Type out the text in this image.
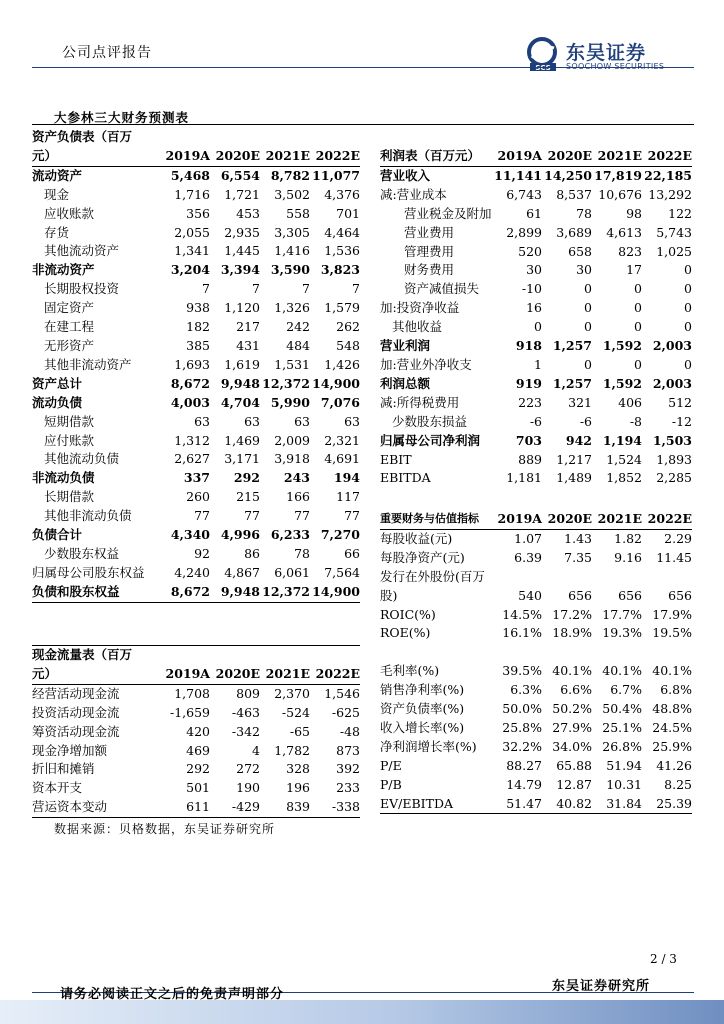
公司点评报告
SCS
东吴证券
SOOCHOW SECURITIES
大参林三大财务预测表
资产负债表（百万				
元）	2019A	2020E	2021E	2022E
流动资产	5,468	6,554	8,782	11,077
现金	1,716	1,721	3,502	4,376
应收账款	356	453	558	701
存货	2,055	2,935	3,305	4,464
其他流动资产	1,341	1,445	1,416	1,536
非流动资产	3,204	3,394	3,590	3,823
长期股权投资	7	7	7	7
固定资产	938	1,120	1,326	1,579
在建工程	182	217	242	262
无形资产	385	431	484	548
其他非流动资产	1,693	1,619	1,531	1,426
资产总计	8,672	9,948	12,372	14,900
流动负债	4,003	4,704	5,990	7,076
短期借款	63	63	63	63
应付账款	1,312	1,469	2,009	2,321
其他流动负债	2,627	3,171	3,918	4,691
非流动负债	337	292	243	194
长期借款	260	215	166	117
其他非流动负债	77	77	77	77
负债合计	4,340	4,996	6,233	7,270
少数股东权益	92	86	78	66

归属母公司股东权益	4,240	4,867	6,061	7,564
负债和股东权益	8,672	9,948	12,372	14,900
利润表（百万元）	2019A	2020E	2021E	2022E
营业收入	11,141	14,250	17,819	22,185
减:营业成本	6,743	8,537	10,676	13,292
营业税金及附加	61	78	98	122
营业费用	2,899	3,689	4,613	5,743
管理费用	520	658	823	1,025
财务费用	30	30	17	0
资产减值损失	-10	0	0	0
加:投资净收益	16	0	0	0
其他收益	0	0	0	0
营业利润	918	1,257	1,592	2,003
加:营业外净收支	1	0	0	0
利润总额	919	1,257	1,592	2,003
减:所得税费用	223	321	406	512
少数股东损益	-6	-6	-8	-12
归属母公司净利润	703	942	1,194	1,503
EBIT	889	1,217	1,524	1,893
EBITDA	1,181	1,489	1,852	2,285
重要财务与估值指标	2019A	2020E	2021E	2022E
每股收益(元)	1.07	1.43	1.82	2.29
每股净资产(元)	6.39	7.35	9.16	11.45
发行在外股份(百万				
股)	540	656	656	656
ROIC(%)	14.5%	17.2%	17.7%	17.9%
ROE(%)	16.1%	18.9%	19.3%	19.5%

毛利率(%)	39.5%	40.1%	40.1%	40.1%
销售净利率(%)	6.3%	6.6%	6.7%	6.8%
资产负债率(%)	50.0%	50.2%	50.4%	48.8%
收入增长率(%)	25.8%	27.9%	25.1%	24.5%
净利润增长率(%)	32.2%	34.0%	26.8%	25.9%
P/E	88.27	65.88	51.94	41.26
P/B	14.79	12.87	10.31	8.25
EV/EBITDA	51.47	40.82	31.84	25.39
现金流量表（百万				
元）	2019A	2020E	2021E	2022E
经营活动现金流	1,708	809	2,370	1,546
投资活动现金流	-1,659	-463	-524	-625
筹资活动现金流	420	-342	-65	-48
现金净增加额	469	4	1,782	873
折旧和摊销	292	272	328	392
资本开支	501	190	196	233
营运资本变动	611	-429	839	-338
数据来源：贝格数据，东吴证券研究所
2 / 3
东吴证券研究所
请务必阅读正文之后的免责声明部分
